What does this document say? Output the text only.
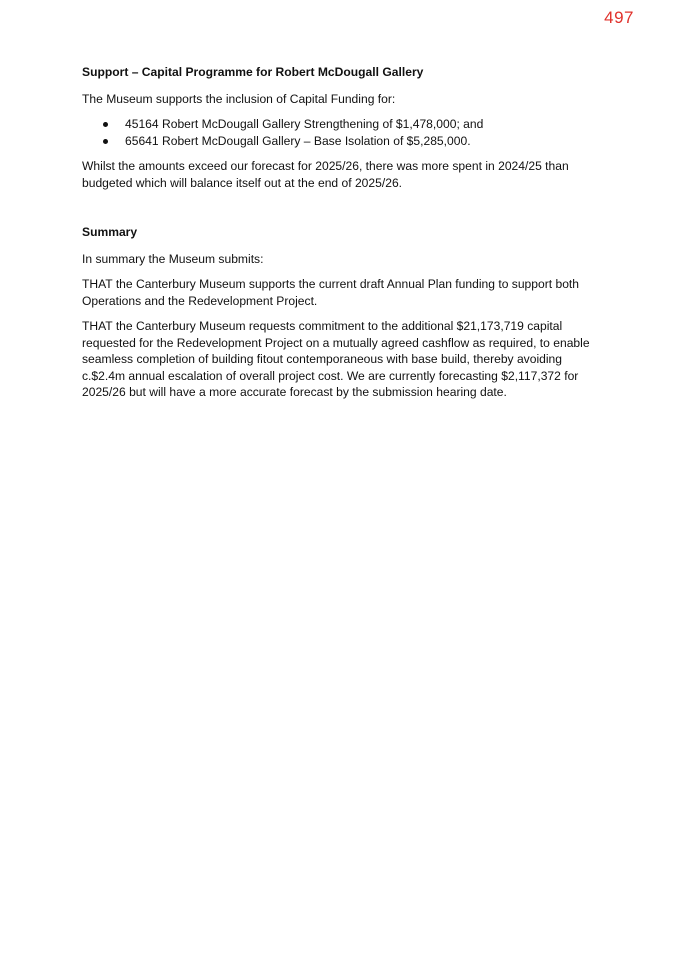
497

Support – Capital Programme for Robert McDougall Gallery

The Museum supports the inclusion of Capital Funding for:

45164 Robert McDougall Gallery Strengthening of $1,478,000; and
65641 Robert McDougall Gallery – Base Isolation of $5,285,000.

Whilst the amounts exceed our forecast for 2025/26, there was more spent in 2024/25 than budgeted which will balance itself out at the end of 2025/26.

Summary

In summary the Museum submits:

THAT the Canterbury Museum supports the current draft Annual Plan funding to support both Operations and the Redevelopment Project.

THAT the Canterbury Museum requests commitment to the additional $21,173,719 capital requested for the Redevelopment Project on a mutually agreed cashflow as required, to enable seamless completion of building fitout contemporaneous with base build, thereby avoiding c.$2.4m annual escalation of overall project cost. We are currently forecasting $2,117,372 for 2025/26 but will have a more accurate forecast by the submission hearing date.
